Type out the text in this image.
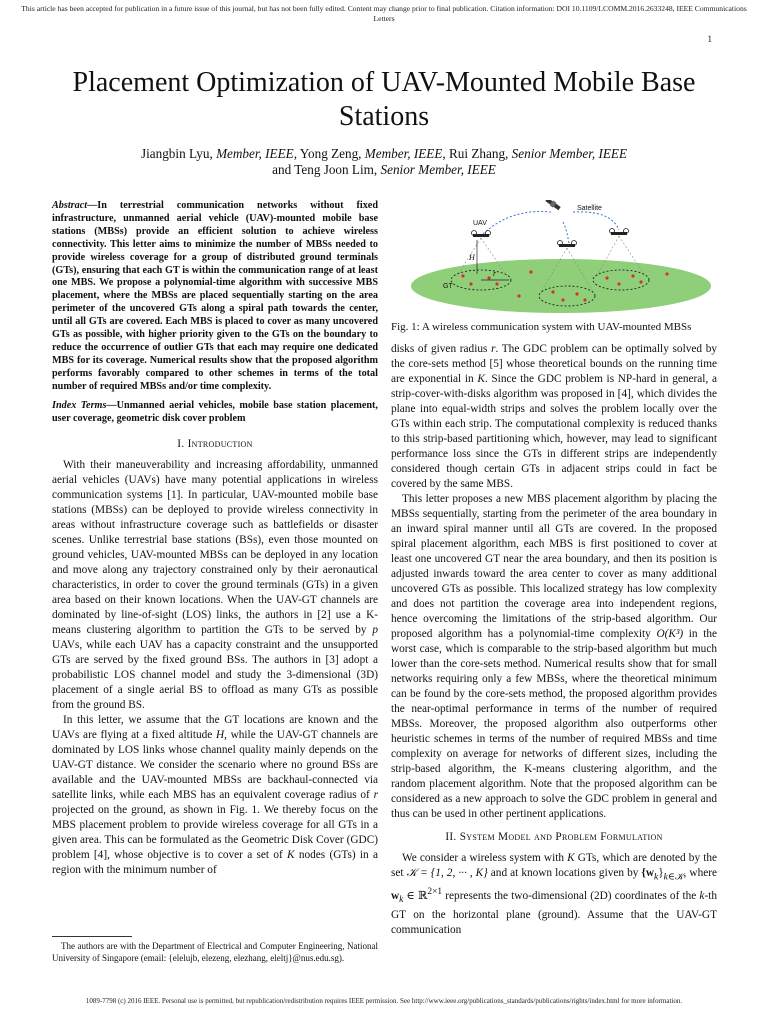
This article has been accepted for publication in a future issue of this journal, but has not been fully edited. Content may change prior to final publication. Citation information: DOI 10.1109/LCOMM.2016.2633248, IEEE Communications Letters
1
Placement Optimization of UAV-Mounted Mobile Base Stations
Jiangbin Lyu, Member, IEEE, Yong Zeng, Member, IEEE, Rui Zhang, Senior Member, IEEE
and Teng Joon Lim, Senior Member, IEEE

Abstract—In terrestrial communication networks without fixed infrastructure, unmanned aerial vehicle (UAV)-mounted mobile base stations (MBSs) provide an efficient solution to achieve wireless connectivity. This letter aims to minimize the number of MBSs needed to provide wireless coverage for a group of distributed ground terminals (GTs), ensuring that each GT is within the communication range of at least one MBS. We propose a polynomial-time algorithm with successive MBS placement, where the MBSs are placed sequentially starting on the area perimeter of the uncovered GTs along a spiral path towards the center, until all GTs are covered. Each MBS is placed to cover as many uncovered GTs as possible, with higher priority given to the GTs on the boundary to reduce the occurrence of outlier GTs that each may require one dedicated MBS for its coverage. Numerical results show that the proposed algorithm performs favorably compared to other schemes in terms of the total number of required MBSs and/or time complexity.

Index Terms—Unmanned aerial vehicles, mobile base station placement, user coverage, geometric disk cover problem

I. Introduction

With their maneuverability and increasing affordability, unmanned aerial vehicles (UAVs) have many potential applications in wireless communication systems [1]. In particular, UAV-mounted mobile base stations (MBSs) can be deployed to provide wireless connectivity in areas without infrastructure coverage such as battlefields or disaster scenes. Unlike terrestrial base stations (BSs), even those mounted on ground vehicles, UAV-mounted MBSs can be deployed in any location and move along any trajectory constrained only by their aeronautical characteristics, in order to cover the ground terminals (GTs) in a given area based on their known locations. When the UAV-GT channels are dominated by line-of-sight (LOS) links, the authors in [2] use a K-means clustering algorithm to partition the GTs to be served by p UAVs, while each UAV has a capacity constraint and the unsupported GTs are served by the fixed ground BSs. The authors in [3] adopt a probabilistic LOS channel model and study the 3-dimensional (3D) placement of a single aerial BS to offload as many GTs as possible from the ground BS.

In this letter, we assume that the GT locations are known and the UAVs are flying at a fixed altitude H, while the UAV-GT channels are dominated by LOS links whose channel quality mainly depends on the UAV-GT distance. We consider the scenario where no ground BSs are available and the UAV-mounted MBSs are backhaul-connected via satellite links, while each MBS has an equivalent coverage radius of r projected on the ground, as shown in Fig. 1. We thereby focus on the MBS placement problem to provide wireless coverage for all GTs in a given area. This can be formulated as the Geometric Disk Cover (GDC) problem [4], whose objective is to cover a set of K nodes (GTs) in a region with the minimum number of

The authors are with the Department of Electrical and Computer Engineering, National University of Singapore (email: {elelujb, elezeng, elezhang, eleltj}@nus.edu.sg).

Satellite
UAV
H
r
GT
Fig. 1: A wireless communication system with UAV-mounted MBSs

disks of given radius r. The GDC problem can be optimally solved by the core-sets method [5] whose theoretical bounds on the running time are exponential in K. Since the GDC problem is NP-hard in general, a strip-cover-with-disks algorithm was proposed in [4], which divides the plane into equal-width strips and solves the problem locally over the GTs within each strip. The computational complexity is reduced thanks to this strip-based partitioning which, however, may lead to significant performance loss since the GTs in different strips are independently considered though certain GTs in adjacent strips could in fact be covered by the same MBS.

This letter proposes a new MBS placement algorithm by placing the MBSs sequentially, starting from the perimeter of the area boundary in an inward spiral manner until all GTs are covered. In the proposed spiral placement algorithm, each MBS is first positioned to cover at least one uncovered GT near the area boundary, and then its position is adjusted inwards toward the area center to cover as many additional uncovered GTs as possible. This localized strategy has low complexity and does not partition the coverage area into independent regions, hence overcoming the limitations of the strip-based algorithm. Our proposed algorithm has a polynomial-time complexity O(K³) in the worst case, which is comparable to the strip-based algorithm but much lower than the core-sets method. Numerical results show that for small networks requiring only a few MBSs, where the theoretical minimum can be found by the core-sets method, the proposed algorithm provides the near-optimal performance in terms of the number of required MBSs. Moreover, the proposed algorithm also outperforms other heuristic schemes in terms of the number of required MBSs and time complexity on average for networks of different sizes, including the strip-based algorithm, the K-means clustering algorithm, and the random placement algorithm. Note that the proposed algorithm can be considered as a new approach to solve the GDC problem in general and thus can be used in other pertinent applications.

II. System Model and Problem Formulation

We consider a wireless system with K GTs, which are denoted by the set 𝒦 = {1, 2, ··· , K} and at known locations given by $\{w_k\}_{k\in 𝒦}$, where $w_k$ ∈ ℝ$^{2\times 1}$ represents the two-dimensional (2D) coordinates of the k-th GT on the horizontal plane (ground). Assume that the UAV-GT communication

1089-7798 (c) 2016 IEEE. Personal use is permitted, but republication/redistribution requires IEEE permission. See http://www.ieee.org/publications_standards/publications/rights/index.html for more information.
